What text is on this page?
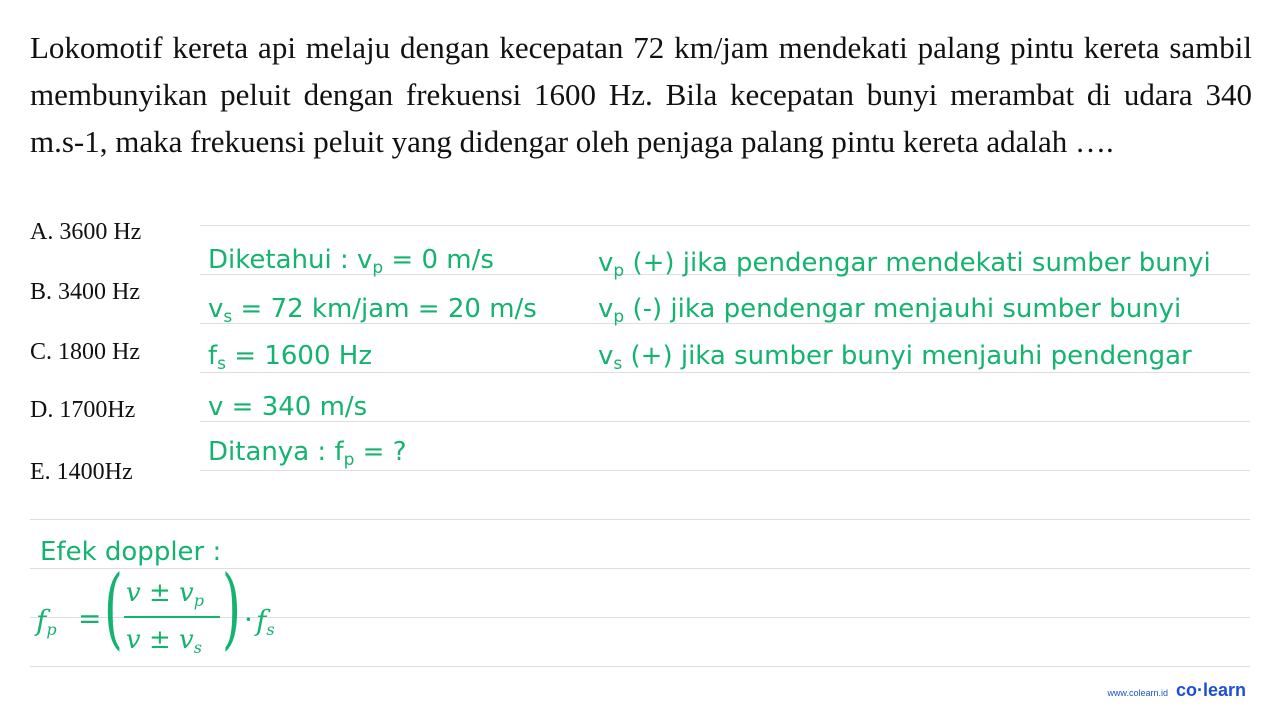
Lokomotif kereta api melaju dengan kecepatan 72 km/jam mendekati palang pintu kereta sambil membunyikan peluit dengan frekuensi 1600 Hz. Bila kecepatan bunyi merambat di udara 340 m.s-1, maka frekuensi peluit yang didengar oleh penjaga palang pintu kereta adalah ….
A. 3600 Hz
B. 3400 Hz
C. 1800 Hz
D. 1700Hz
E. 1400Hz
Diketahui : $v_p = 0$ m/s
$v_s = 72$ km/jam = 20 m/s
$f_s = 1600$ Hz
v = 340 m/s
Ditanya : $f_p$ = ?
$v_p$ (+) jika pendengar mendekati sumber bunyi
$v_p$ (-) jika pendengar menjauhi sumber bunyi
$v_s$ (+) jika sumber bunyi menjauhi pendengar
Efek doppler :
$f_p$ = ( $v \pm v_p$
$v \pm v_s$ ) · $f_s$
www.colearn.id co·learn
